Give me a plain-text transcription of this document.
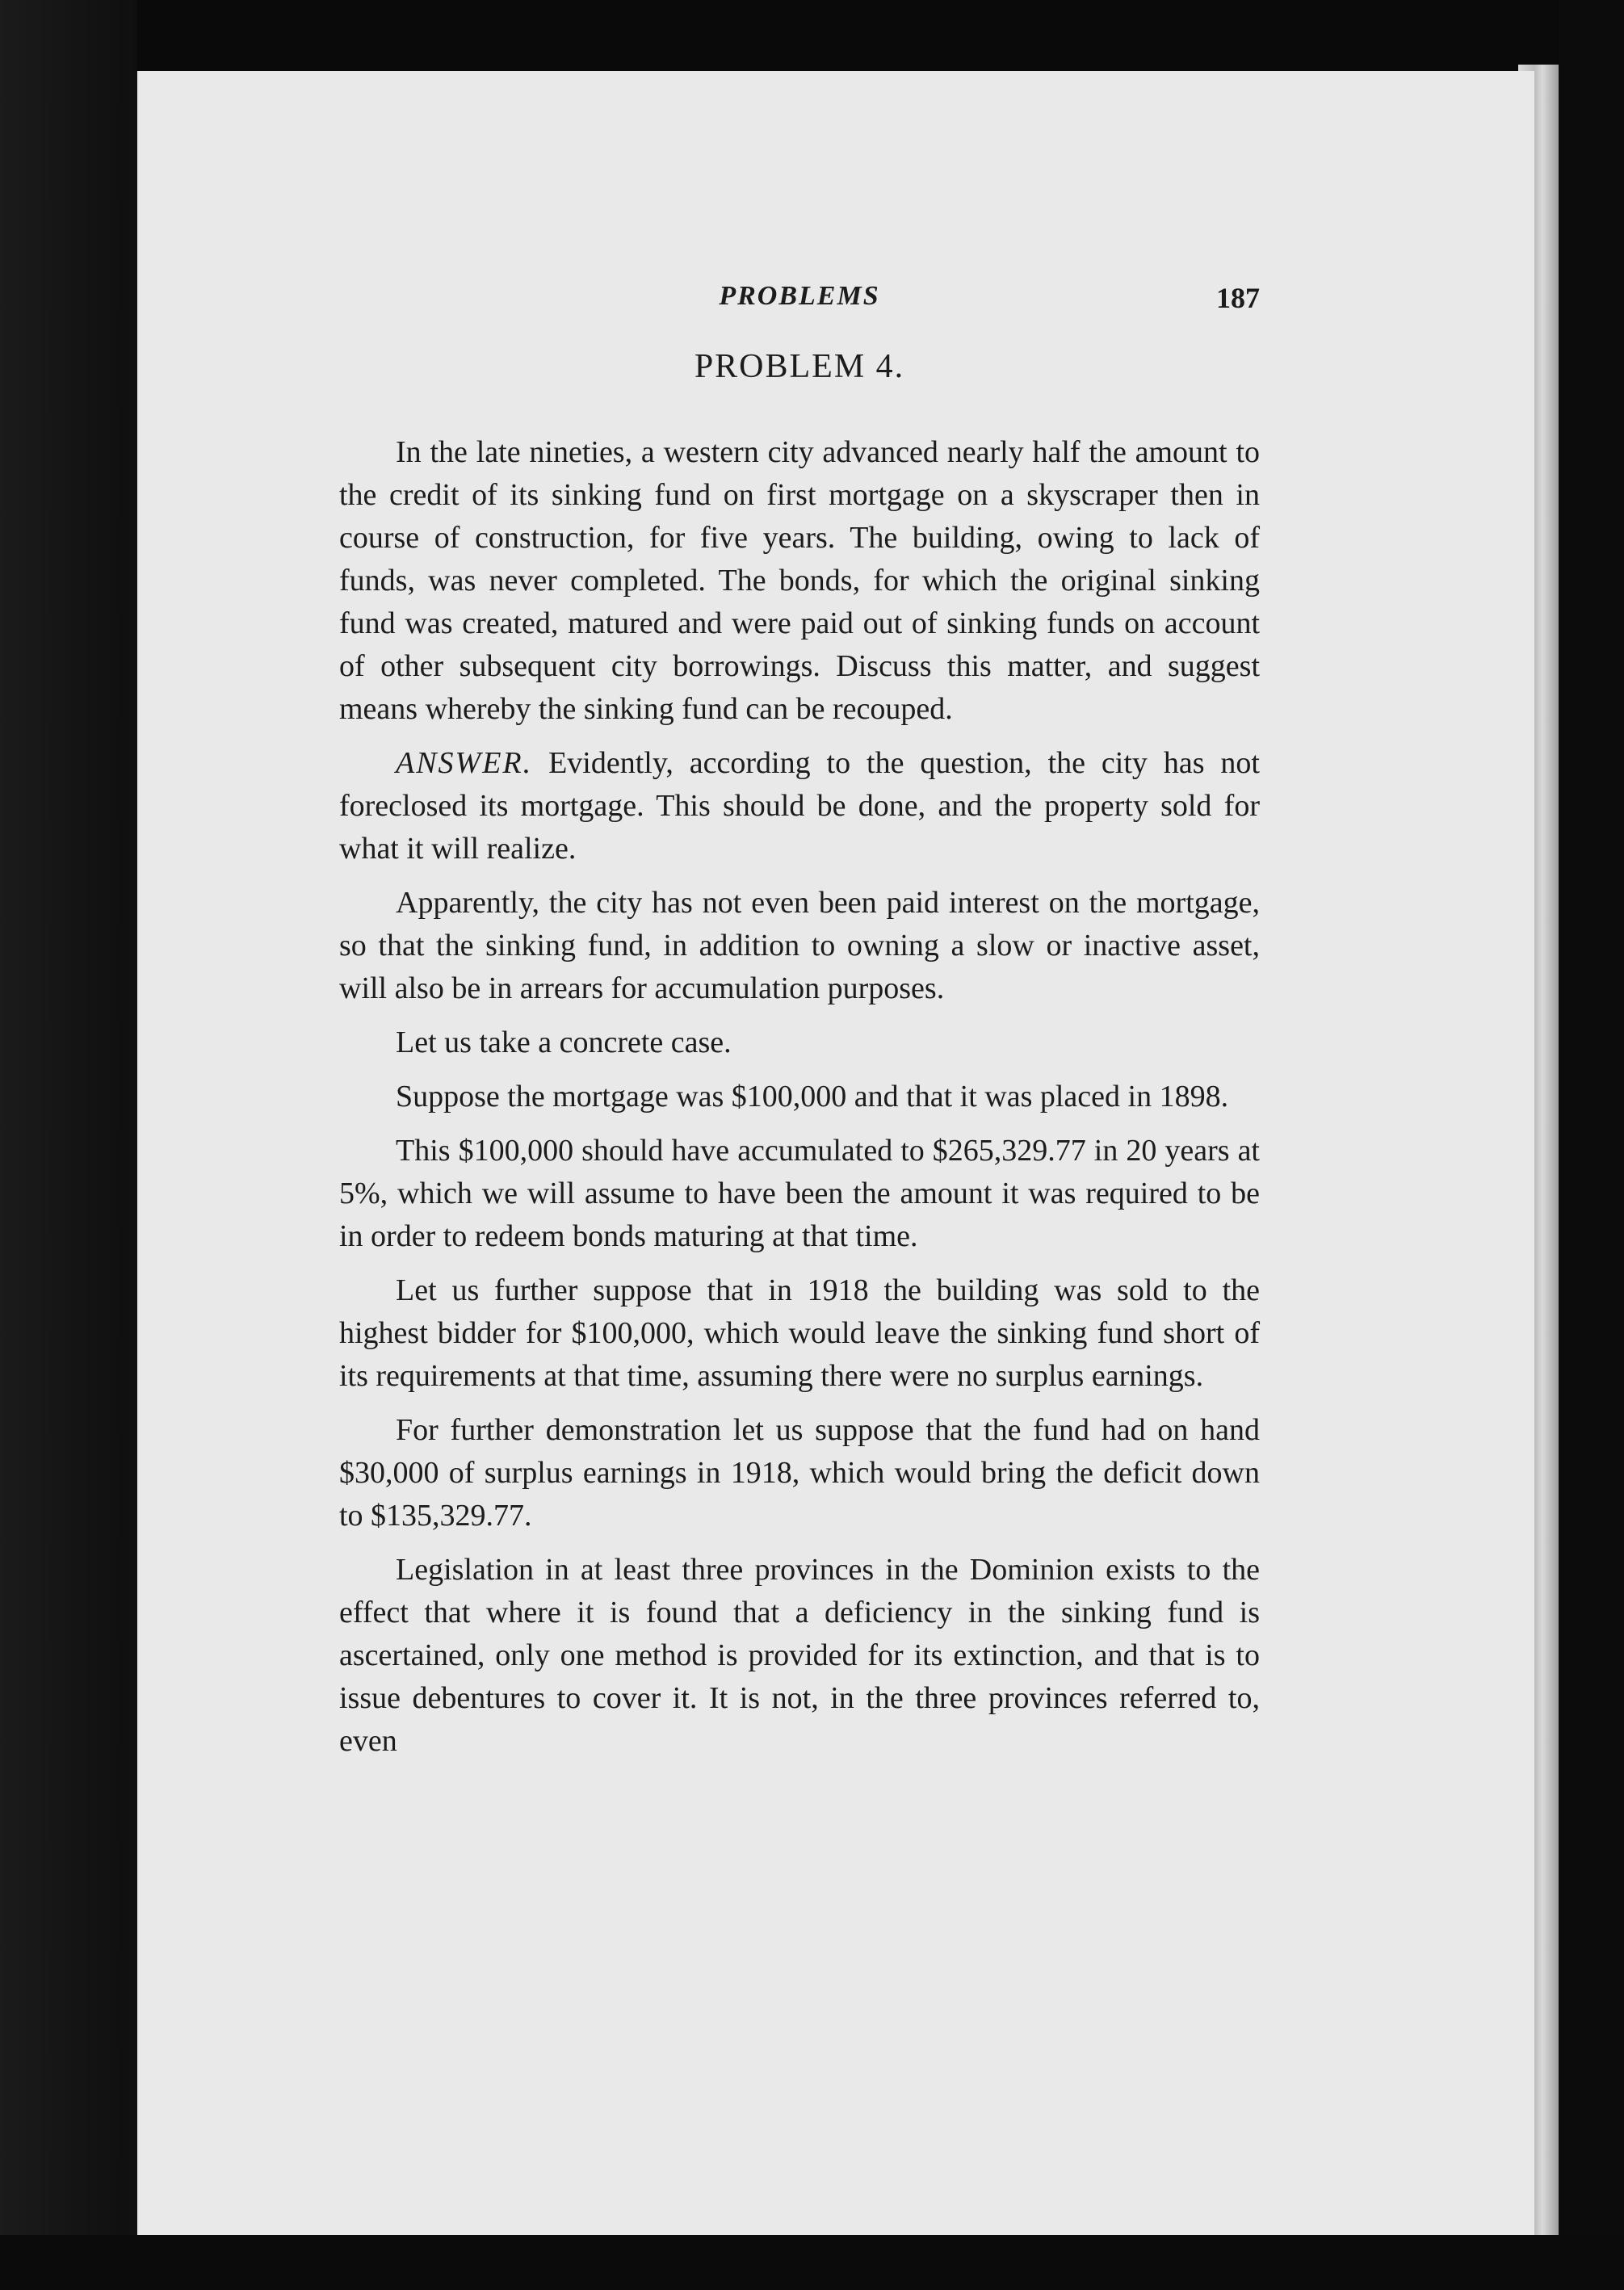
PROBLEMS	187
PROBLEM 4.

In the late nineties, a western city advanced nearly half the amount to the credit of its sinking fund on first mortgage on a skyscraper then in course of construction, for five years. The building, owing to lack of funds, was never completed. The bonds, for which the original sinking fund was created, matured and were paid out of sinking funds on account of other subsequent city borrowings. Discuss this matter, and suggest means whereby the sinking fund can be recouped.

ANSWER. Evidently, according to the question, the city has not foreclosed its mortgage. This should be done, and the property sold for what it will realize.

Apparently, the city has not even been paid interest on the mortgage, so that the sinking fund, in addition to owning a slow or inactive asset, will also be in arrears for accumulation purposes.

Let us take a concrete case.

Suppose the mortgage was $100,000 and that it was placed in 1898.

This $100,000 should have accumulated to $265,329.77 in 20 years at 5%, which we will assume to have been the amount it was required to be in order to redeem bonds maturing at that time.

Let us further suppose that in 1918 the building was sold to the highest bidder for $100,000, which would leave the sinking fund short of its requirements at that time, assuming there were no surplus earnings.

For further demonstration let us suppose that the fund had on hand $30,000 of surplus earnings in 1918, which would bring the deficit down to $135,329.77.

Legislation in at least three provinces in the Dominion exists to the effect that where it is found that a deficiency in the sinking fund is ascertained, only one method is provided for its extinction, and that is to issue debentures to cover it. It is not, in the three provinces referred to, even
